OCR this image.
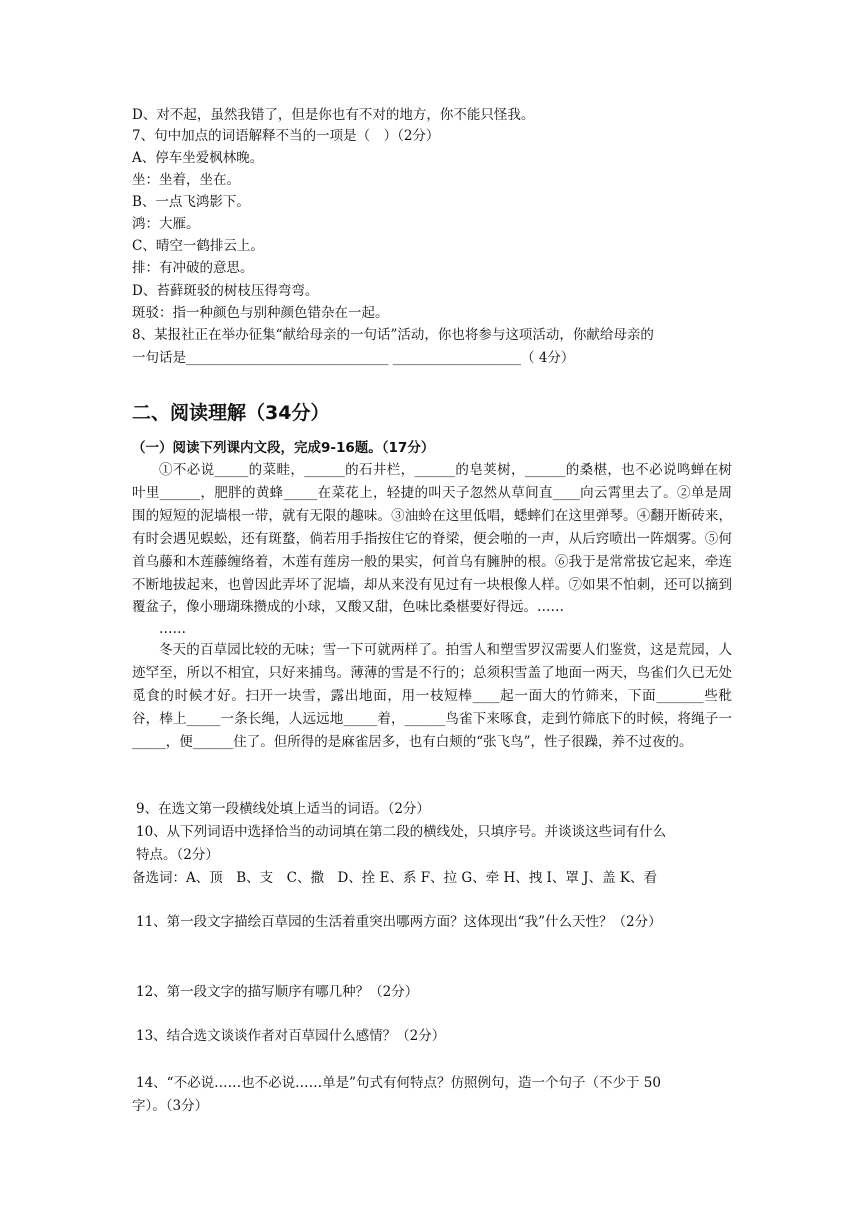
D、对不起，虽然我错了，但是你也有不对的地方，你不能只怪我。
7、句中加点的词语解释不当的一项是（　）（2分）
A、停车坐爱枫林晚。
坐：坐着，坐在。
B、一点飞鸿影下。
鸿：大雁。
C、晴空一鹤排云上。
排：有冲破的意思。
D、苔藓斑驳的树枝压得弯弯。
斑驳：指一种颜色与别种颜色错杂在一起。
8、某报社正在举办征集“献给母亲的一句话”活动，你也将参与这项活动，你献给母亲的
一句话是______________________________ ___________________（ 4分）
二、阅读理解（34分）
（一）阅读下列课内文段，完成9-16题。（17分）
①不必说_____的菜畦，______的石井栏，______的皂荚树，______的桑椹，也不必说鸣蝉在树叶里______，肥胖的黄蜂_____在菜花上，轻捷的叫天子忽然从草间直____向云霄里去了。②单是周围的短短的泥墙根一带，就有无限的趣味。③油蛉在这里低唱，蟋蟀们在这里弹琴。④翻开断砖来，有时会遇见蜈蚣，还有斑蝥，倘若用手指按住它的脊梁，便会啪的一声，从后窍喷出一阵烟雾。⑤何首乌藤和木莲藤缠络着，木莲有莲房一般的果实，何首乌有臃肿的根。⑥我于是常常拔它起来，牵连不断地拔起来，也曾因此弄坏了泥墙，却从来没有见过有一块根像人样。⑦如果不怕刺，还可以摘到覆盆子，像小珊瑚珠攒成的小球，又酸又甜，色味比桑椹要好得远。……
……
冬天的百草园比较的无味；雪一下可就两样了。拍雪人和塑雪罗汉需要人们鉴赏，这是荒园，人迹罕至，所以不相宜，只好来捕鸟。薄薄的雪是不行的；总须积雪盖了地面一两天，鸟雀们久已无处觅食的时候才好。扫开一块雪，露出地面，用一枝短棒____起一面大的竹筛来，下面_______些秕谷，棒上_____一条长绳，人远远地_____着，______鸟雀下来啄食，走到竹筛底下的时候，将绳子一_____，便______住了。但所得的是麻雀居多，也有白颊的“张飞鸟”，性子很躁，养不过夜的。
9、在选文第一段横线处填上适当的词语。（2分）
10、从下列词语中选择恰当的动词填在第二段的横线处，只填序号。并谈谈这些词有什么
特点。（2分）
备选词：A、顶　B、支　C、撒　D、拴 E、系 F、拉 G、牵 H、拽 I、罩 J、盖 K、看
11、第一段文字描绘百草园的生活着重突出哪两方面？这体现出“我”什么天性？（2分）
12、第一段文字的描写顺序有哪几种？（2分）
13、结合选文谈谈作者对百草园什么感情？（2分）
14、“不必说……也不必说……单是”句式有何特点？仿照例句，造一个句子（不少于 50
字）。（3分）
